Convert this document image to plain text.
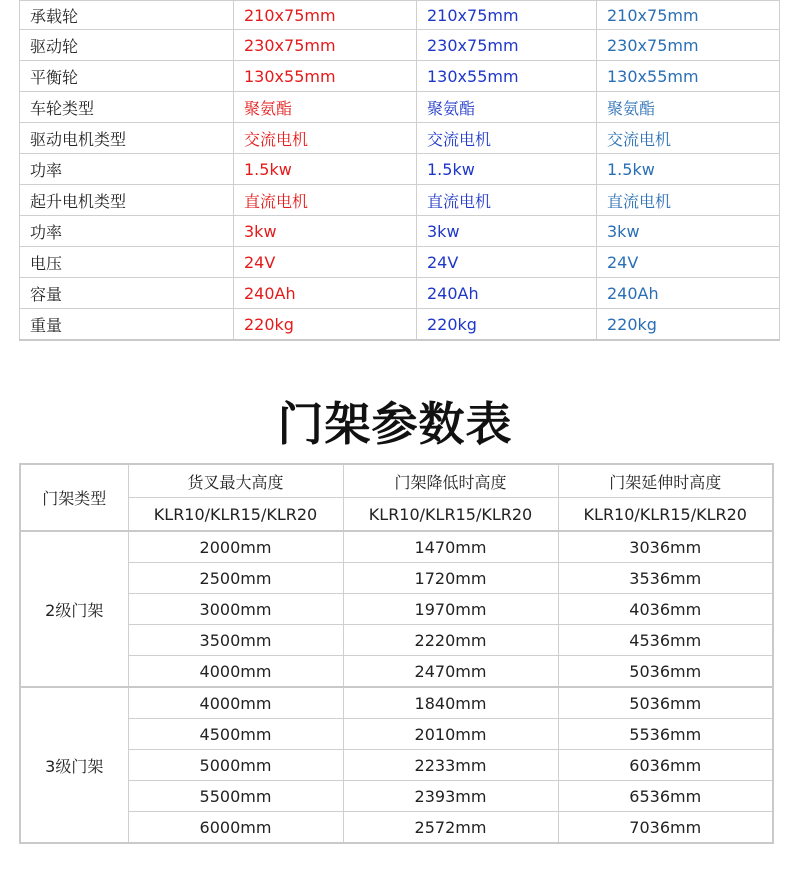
承载轮	210x75mm	210x75mm	210x75mm
驱动轮	230x75mm	230x75mm	230x75mm
平衡轮	130x55mm	130x55mm	130x55mm
车轮类型	聚氨酯	聚氨酯	聚氨酯
驱动电机类型	交流电机	交流电机	交流电机
功率	1.5kw	1.5kw	1.5kw
起升电机类型	直流电机	直流电机	直流电机
功率	3kw	3kw	3kw
电压	24V	24V	24V
容量	240Ah	240Ah	240Ah
重量	220kg	220kg	220kg
门架参数表
门架类型	货叉最大高度	门架降低时高度	门架延伸时高度
	KLR10/KLR15/KLR20	KLR10/KLR15/KLR20	KLR10/KLR15/KLR20
2级门架	2000mm	1470mm	3036mm
	2500mm	1720mm	3536mm
	3000mm	1970mm	4036mm
	3500mm	2220mm	4536mm
	4000mm	2470mm	5036mm
3级门架	4000mm	1840mm	5036mm
	4500mm	2010mm	5536mm
	5000mm	2233mm	6036mm
	5500mm	2393mm	6536mm
	6000mm	2572mm	7036mm
